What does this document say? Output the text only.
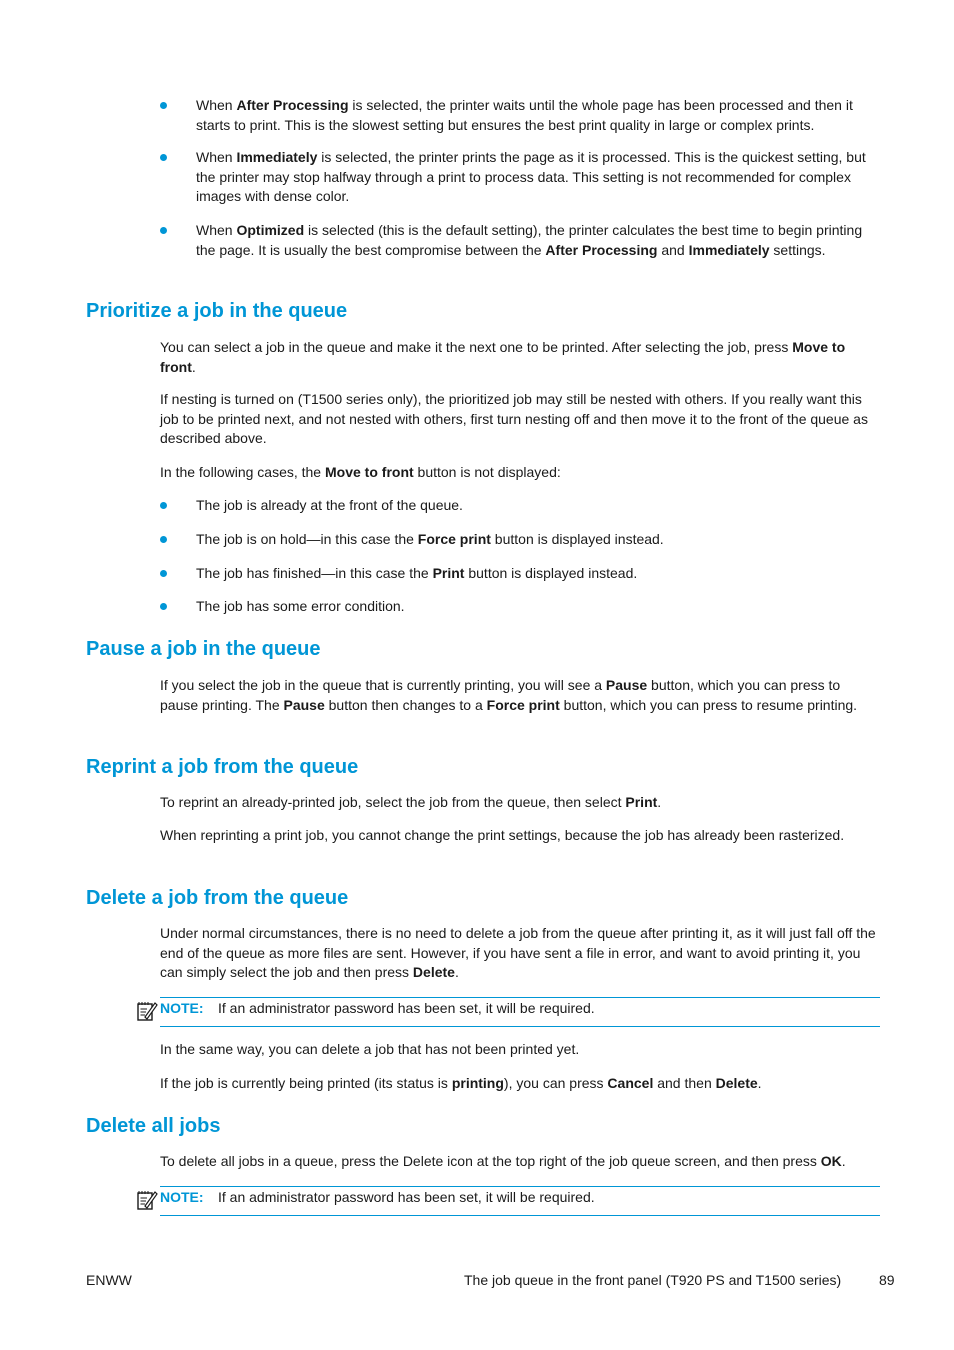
When After Processing is selected, the printer waits until the whole page has been processed and then it starts to print. This is the slowest setting but ensures the best print quality in large or complex prints.

When Immediately is selected, the printer prints the page as it is processed. This is the quickest setting, but the printer may stop halfway through a print to process data. This setting is not recommended for complex images with dense color.

When Optimized is selected (this is the default setting), the printer calculates the best time to begin printing the page. It is usually the best compromise between the After Processing and Immediately settings.

Prioritize a job in the queue

You can select a job in the queue and make it the next one to be printed. After selecting the job, press Move to front.

If nesting is turned on (T1500 series only), the prioritized job may still be nested with others. If you really want this job to be printed next, and not nested with others, first turn nesting off and then move it to the front of the queue as described above.

In the following cases, the Move to front button is not displayed:

The job is already at the front of the queue.

The job is on hold—in this case the Force print button is displayed instead.

The job has finished—in this case the Print button is displayed instead.

The job has some error condition.

Pause a job in the queue

If you select the job in the queue that is currently printing, you will see a Pause button, which you can press to pause printing. The Pause button then changes to a Force print button, which you can press to resume printing.

Reprint a job from the queue

To reprint an already-printed job, select the job from the queue, then select Print.

When reprinting a print job, you cannot change the print settings, because the job has already been rasterized.

Delete a job from the queue

Under normal circumstances, there is no need to delete a job from the queue after printing it, as it will just fall off the end of the queue as more files are sent. However, if you have sent a file in error, and want to avoid printing it, you can simply select the job and then press Delete.

NOTE: If an administrator password has been set, it will be required.

In the same way, you can delete a job that has not been printed yet.

If the job is currently being printed (its status is printing), you can press Cancel and then Delete.

Delete all jobs

To delete all jobs in a queue, press the Delete icon at the top right of the job queue screen, and then press OK.

NOTE: If an administrator password has been set, it will be required.
ENWW	The job queue in the front panel (T920 PS and T1500 series)	89
